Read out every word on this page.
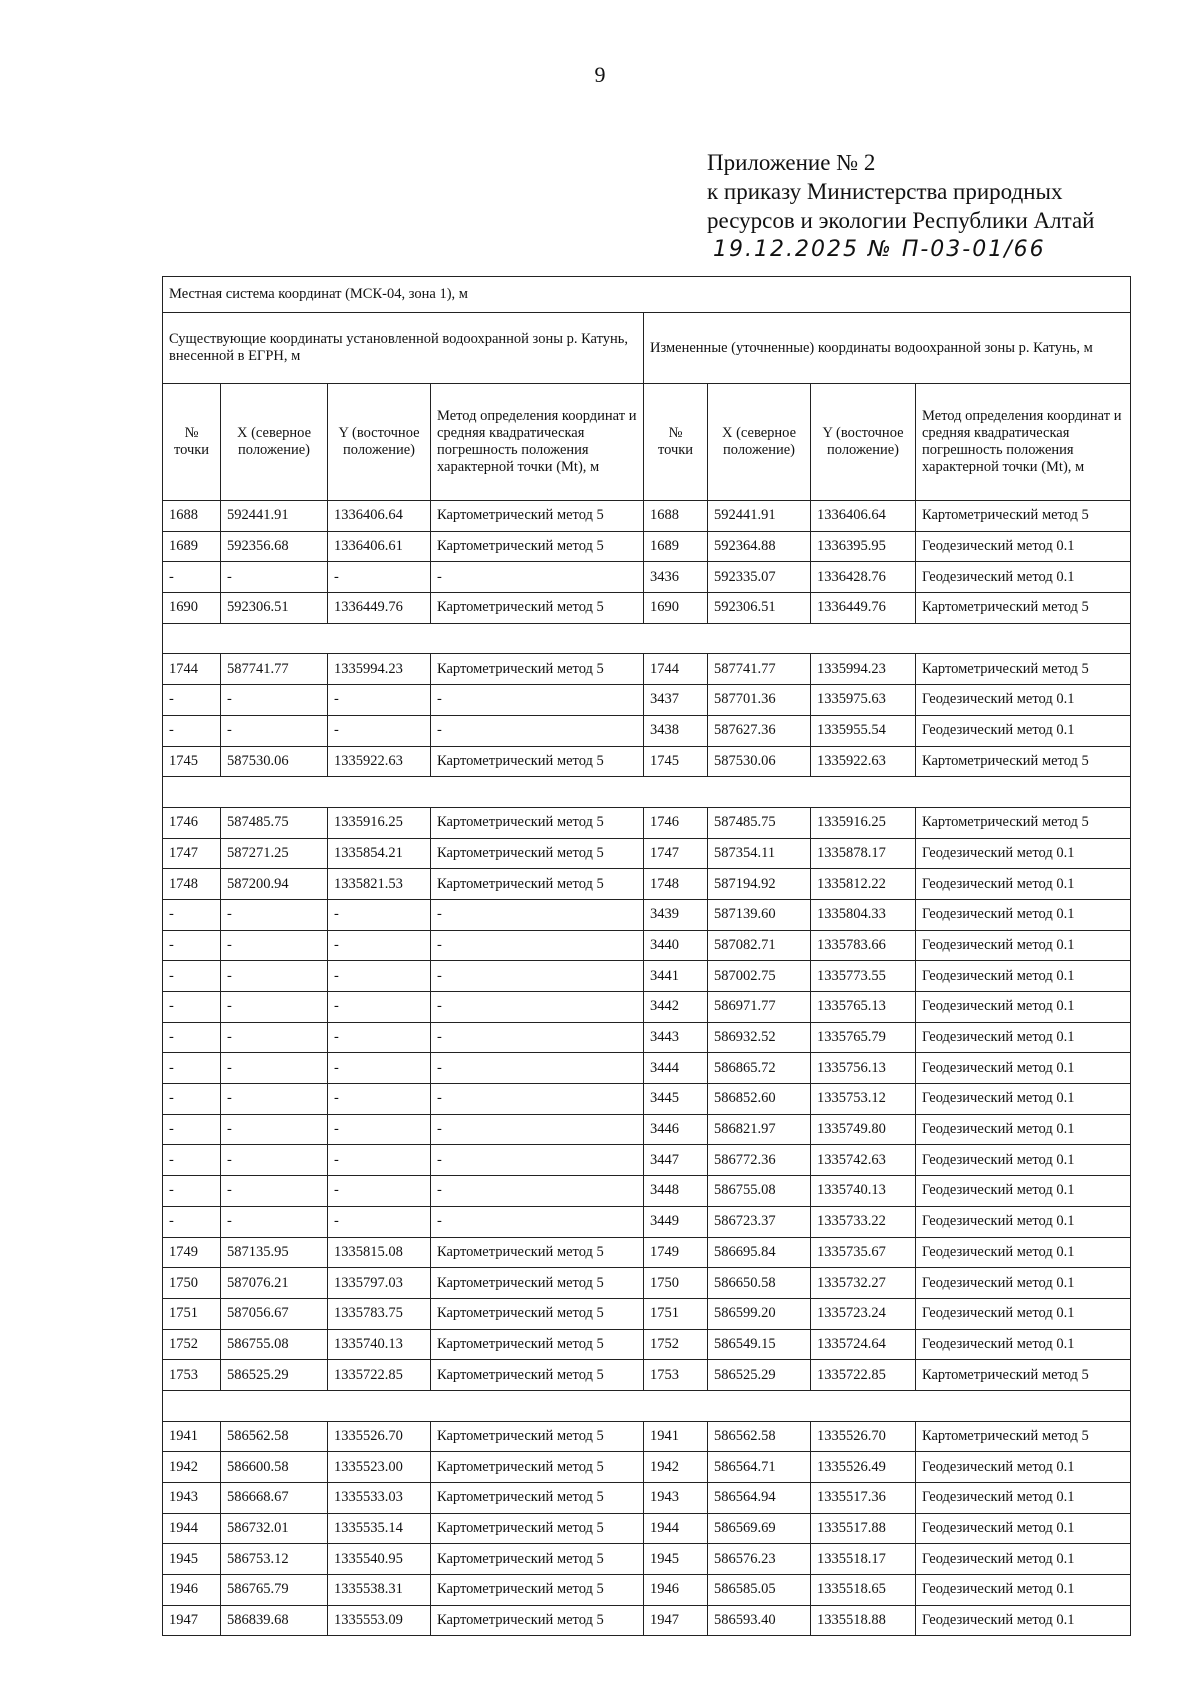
9
Приложение № 2
к приказу Министерства природных
ресурсов и экологии Республики Алтай
19.12.2025 № П-03-01/66
Местная система координат (МСК-04, зона 1), м							
Существующие координаты установленной водоохранной зоны р. Катунь, внесенной в ЕГРН, м				Измененные (уточненные) координаты водоохранной зоны р. Катунь, м			
№ точки	X (северное положение)	Y (восточное положение)	Метод определения координат и средняя квадратическая погрешность положения характерной точки (Mt), м	№ точки	X (северное положение)	Y (восточное положение)	Метод определения координат и средняя квадратическая погрешность положения характерной точки (Mt), м
1688	592441.91	1336406.64	Картометрический метод 5	1688	592441.91	1336406.64	Картометрический метод 5
1689	592356.68	1336406.61	Картометрический метод 5	1689	592364.88	1336395.95	Геодезический метод 0.1
-	-	-	-	3436	592335.07	1336428.76	Геодезический метод 0.1
1690	592306.51	1336449.76	Картометрический метод 5	1690	592306.51	1336449.76	Картометрический метод 5

1744	587741.77	1335994.23	Картометрический метод 5	1744	587741.77	1335994.23	Картометрический метод 5
-	-	-	-	3437	587701.36	1335975.63	Геодезический метод 0.1
-	-	-	-	3438	587627.36	1335955.54	Геодезический метод 0.1
1745	587530.06	1335922.63	Картометрический метод 5	1745	587530.06	1335922.63	Картометрический метод 5

1746	587485.75	1335916.25	Картометрический метод 5	1746	587485.75	1335916.25	Картометрический метод 5
1747	587271.25	1335854.21	Картометрический метод 5	1747	587354.11	1335878.17	Геодезический метод 0.1
1748	587200.94	1335821.53	Картометрический метод 5	1748	587194.92	1335812.22	Геодезический метод 0.1
-	-	-	-	3439	587139.60	1335804.33	Геодезический метод 0.1
-	-	-	-	3440	587082.71	1335783.66	Геодезический метод 0.1
-	-	-	-	3441	587002.75	1335773.55	Геодезический метод 0.1
-	-	-	-	3442	586971.77	1335765.13	Геодезический метод 0.1
-	-	-	-	3443	586932.52	1335765.79	Геодезический метод 0.1
-	-	-	-	3444	586865.72	1335756.13	Геодезический метод 0.1
-	-	-	-	3445	586852.60	1335753.12	Геодезический метод 0.1
-	-	-	-	3446	586821.97	1335749.80	Геодезический метод 0.1
-	-	-	-	3447	586772.36	1335742.63	Геодезический метод 0.1
-	-	-	-	3448	586755.08	1335740.13	Геодезический метод 0.1
-	-	-	-	3449	586723.37	1335733.22	Геодезический метод 0.1
1749	587135.95	1335815.08	Картометрический метод 5	1749	586695.84	1335735.67	Геодезический метод 0.1
1750	587076.21	1335797.03	Картометрический метод 5	1750	586650.58	1335732.27	Геодезический метод 0.1
1751	587056.67	1335783.75	Картометрический метод 5	1751	586599.20	1335723.24	Геодезический метод 0.1
1752	586755.08	1335740.13	Картометрический метод 5	1752	586549.15	1335724.64	Геодезический метод 0.1
1753	586525.29	1335722.85	Картометрический метод 5	1753	586525.29	1335722.85	Картометрический метод 5

1941	586562.58	1335526.70	Картометрический метод 5	1941	586562.58	1335526.70	Картометрический метод 5
1942	586600.58	1335523.00	Картометрический метод 5	1942	586564.71	1335526.49	Геодезический метод 0.1
1943	586668.67	1335533.03	Картометрический метод 5	1943	586564.94	1335517.36	Геодезический метод 0.1
1944	586732.01	1335535.14	Картометрический метод 5	1944	586569.69	1335517.88	Геодезический метод 0.1
1945	586753.12	1335540.95	Картометрический метод 5	1945	586576.23	1335518.17	Геодезический метод 0.1
1946	586765.79	1335538.31	Картометрический метод 5	1946	586585.05	1335518.65	Геодезический метод 0.1
1947	586839.68	1335553.09	Картометрический метод 5	1947	586593.40	1335518.88	Геодезический метод 0.1
